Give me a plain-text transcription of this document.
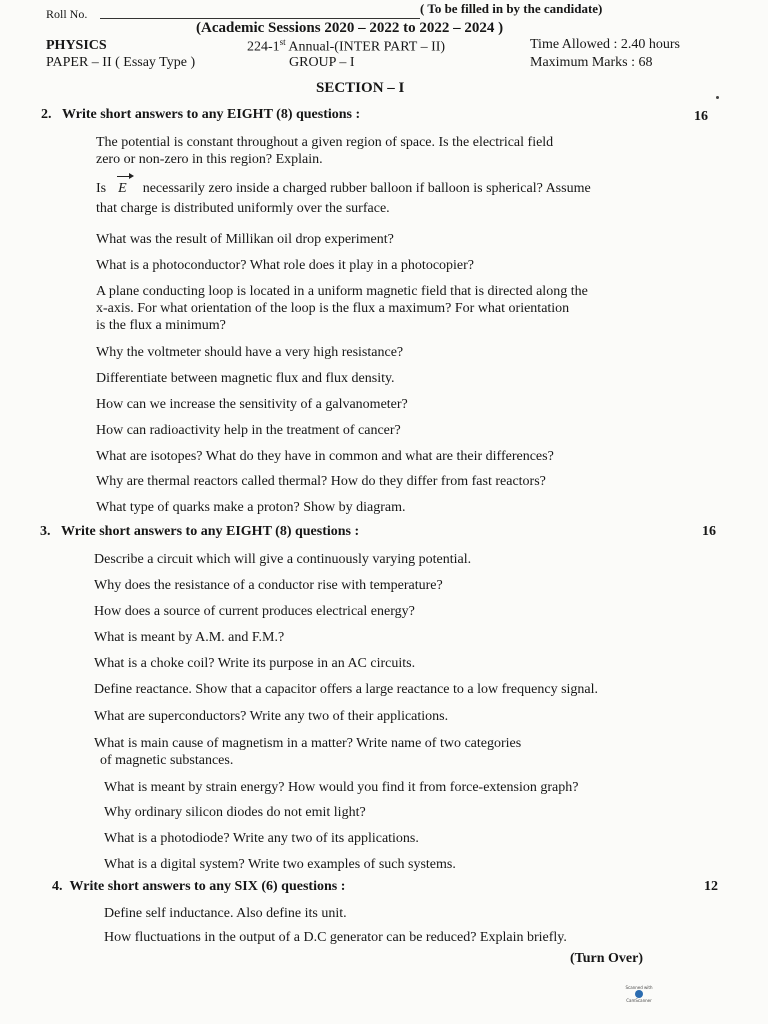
Roll No.	( To be filled in by the candidate)
(Academic Sessions 2020 – 2022 to 2022 – 2024 )
PHYSICS	224-1st Annual-(INTER PART – II)	Time Allowed : 2.40 hours
PAPER – II ( Essay Type )	GROUP – I	Maximum Marks : 68
SECTION – I
2. Write short answers to any EIGHT (8) questions :	16
The potential is constant throughout a given region of space. Is the electrical field
zero or non-zero in this region? Explain.
Is E necessarily zero inside a charged rubber balloon if balloon is spherical? Assume
that charge is distributed uniformly over the surface.
What was the result of Millikan oil drop experiment?
What is a photoconductor? What role does it play in a photocopier?
A plane conducting loop is located in a uniform magnetic field that is directed along the
x-axis. For what orientation of the loop is the flux a maximum? For what orientation
is the flux a minimum?
Why the voltmeter should have a very high resistance?
Differentiate between magnetic flux and flux density.
How can we increase the sensitivity of a galvanometer?
How can radioactivity help in the treatment of cancer?
What are isotopes? What do they have in common and what are their differences?
Why are thermal reactors called thermal? How do they differ from fast reactors?
What type of quarks make a proton? Show by diagram.
3. Write short answers to any EIGHT (8) questions :	16
Describe a circuit which will give a continuously varying potential.
Why does the resistance of a conductor rise with temperature?
How does a source of current produces electrical energy?
What is meant by A.M. and F.M.?
What is a choke coil? Write its purpose in an AC circuits.
Define reactance. Show that a capacitor offers a large reactance to a low frequency signal.
What are superconductors? Write any two of their applications.
What is main cause of magnetism in a matter? Write name of two categories
of magnetic substances.
What is meant by strain energy? How would you find it from force-extension graph?
Why ordinary silicon diodes do not emit light?
What is a photodiode? Write any two of its applications.
What is a digital system? Write two examples of such systems.
4. Write short answers to any SIX (6) questions :	12
Define self inductance. Also define its unit.
How fluctuations in the output of a D.C generator can be reduced? Explain briefly.
(Turn Over)
Scanned with
CamScanner
